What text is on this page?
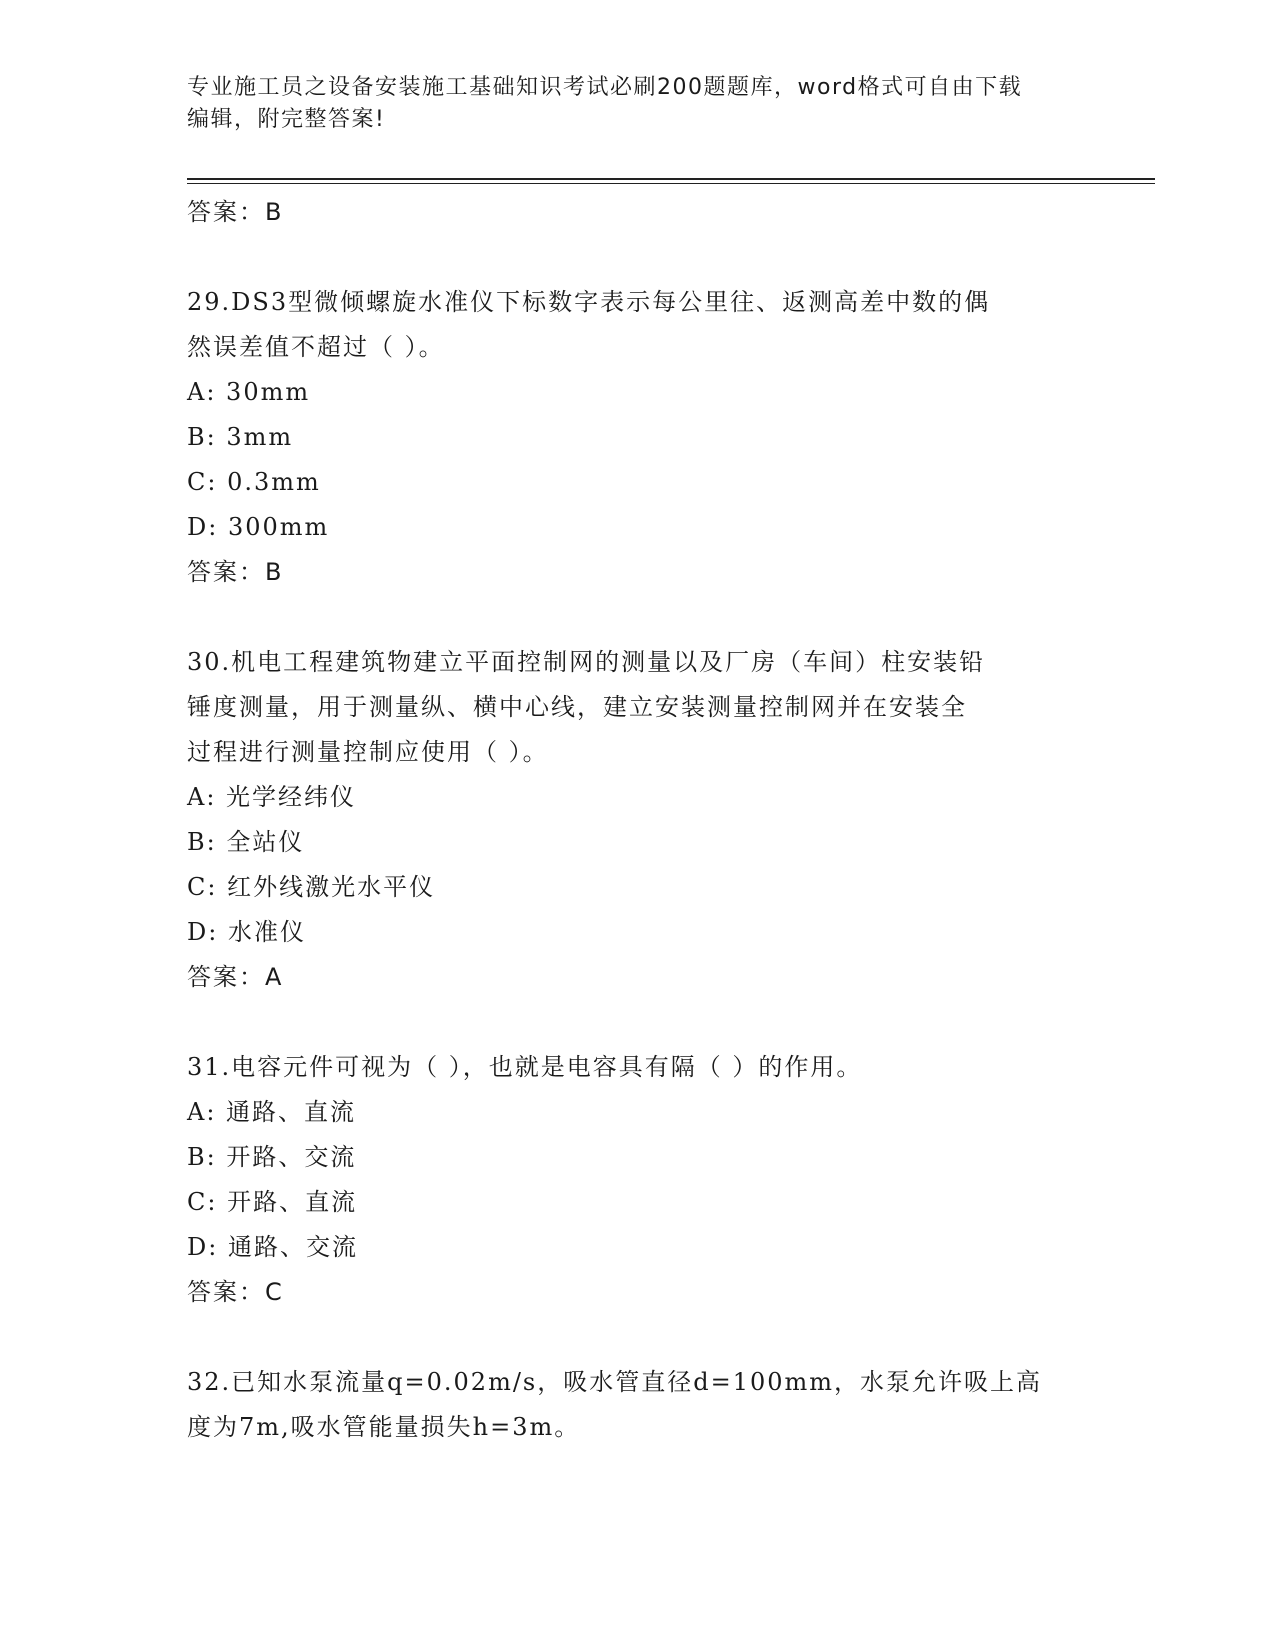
专业施工员之设备安装施工基础知识考试必刷200题题库，word格式可自由下载
编辑，附完整答案!
答案：B
29.DS3型微倾螺旋水准仪下标数字表示每公里往、返测高差中数的偶
然误差值不超过（ ）。
A: 30mm
B: 3mm
C: 0.3mm
D: 300mm
答案：B
30.机电工程建筑物建立平面控制网的测量以及厂房（车间）柱安装铅
锤度测量，用于测量纵、横中心线，建立安装测量控制网并在安装全
过程进行测量控制应使用（ ）。
A: 光学经纬仪
B: 全站仪
C: 红外线激光水平仪
D: 水准仪
答案：A
31.电容元件可视为（ ），也就是电容具有隔（ ）的作用。
A: 通路、直流
B: 开路、交流
C: 开路、直流
D: 通路、交流
答案：C
32.已知水泵流量q=0.02m/s，吸水管直径d=100mm，水泵允许吸上高
度为7m,吸水管能量损失h=3m。
